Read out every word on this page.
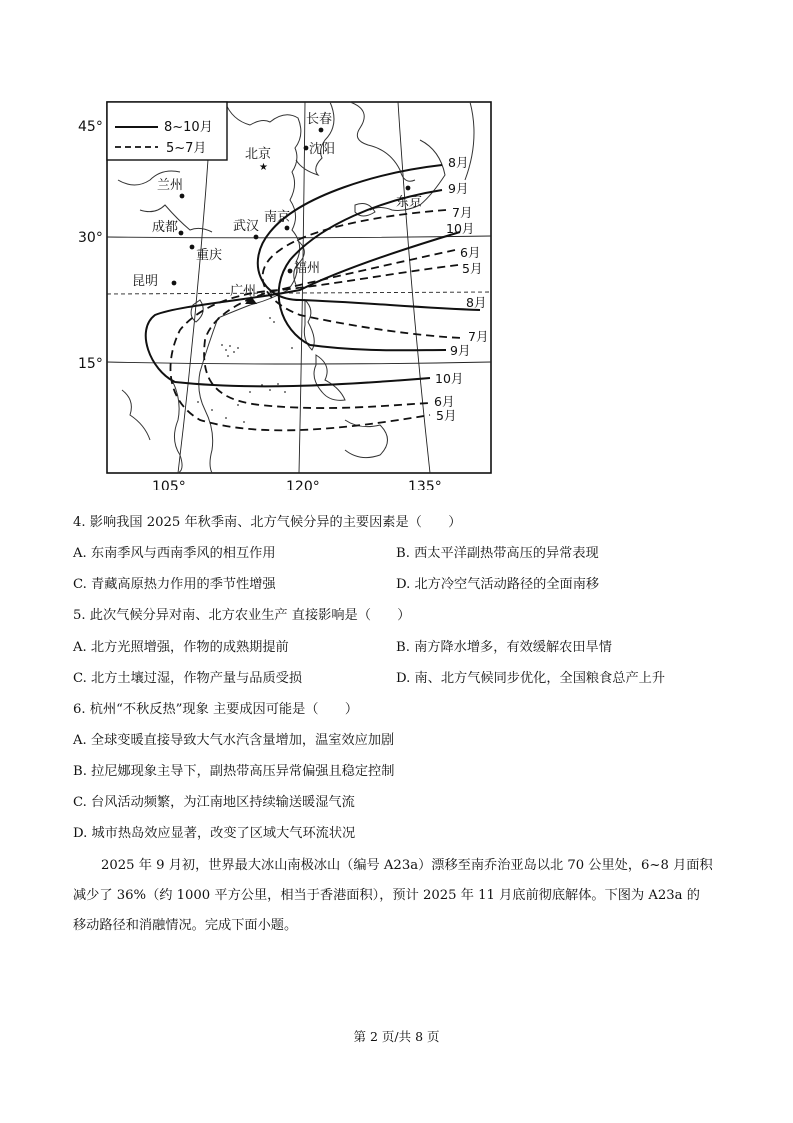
8~10月
5~7月
45°
30°
15°
105°	120°	135°
★
长春
北京	沈阳
兰州
成都	武汉
南京
东京
重庆
昆明
福州
广州
8月
9月
7月
10月
6月
5月
8月
7月
9月
10月
6月
5月
4. 影响我国 2025 年秋季南、北方气候分异的主要因素是（　　）
A. 东南季风与西南季风的相互作用	B. 西太平洋副热带高压的异常表现
C. 青藏高原热力作用的季节性增强	D. 北方冷空气活动路径的全面南移
5. 此次气候分异对南、北方农业生产 直接影响是（　　）
A. 北方光照增强，作物的成熟期提前	B. 南方降水增多，有效缓解农田旱情
C. 北方土壤过湿，作物产量与品质受损	D. 南、北方气候同步优化，全国粮食总产上升
6. 杭州“不秋反热”现象 主要成因可能是（　　）
A. 全球变暖直接导致大气水汽含量增加，温室效应加剧
B. 拉尼娜现象主导下，副热带高压异常偏强且稳定控制
C. 台风活动频繁，为江南地区持续输送暖湿气流
D. 城市热岛效应显著，改变了区域大气环流状况
2025 年 9 月初，世界最大冰山南极冰山（编号 A23a）漂移至南乔治亚岛以北 70 公里处，6~8 月面积减少了 36%（约 1000 平方公里，相当于香港面积），预计 2025 年 11 月底前彻底解体。下图为 A23a 的移动路径和消融情况。完成下面小题。
第 2 页/共 8 页
